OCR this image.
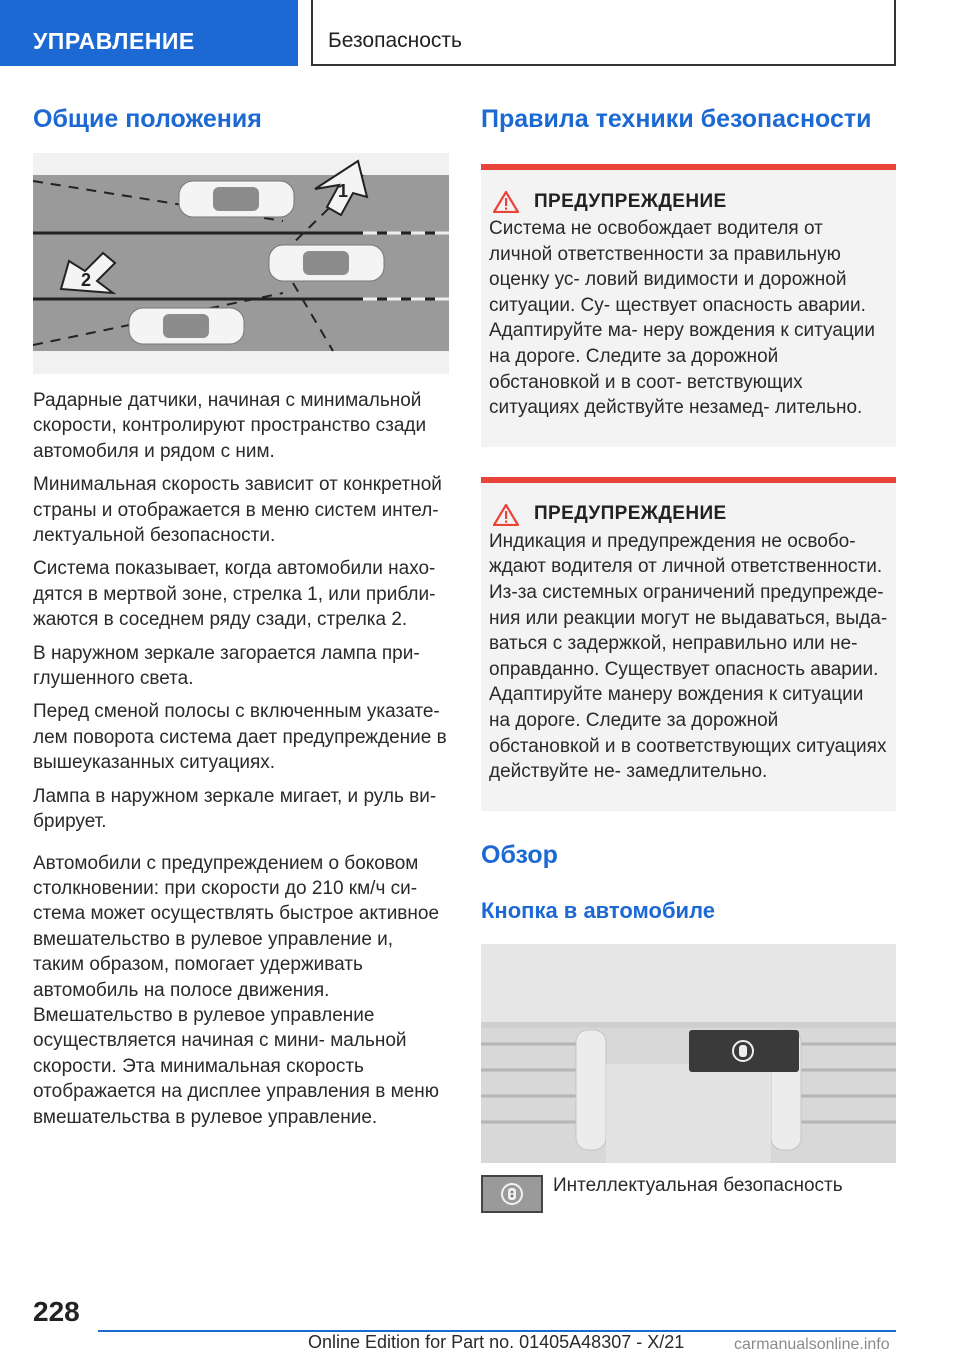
УПРАВЛЕНИЕ	Безопасность
Общие положения
1
2

Радарные датчики, начиная с минимальной скорости, контролируют пространство сзади автомобиля и рядом с ним.

Минимальная скорость зависит от конкретной страны и отображается в меню систем интел- лектуальной безопасности.

Система показывает, когда автомобили нахо- дятся в мертвой зоне, стрелка 1, или прибли- жаются в соседнем ряду сзади, стрелка 2.

В наружном зеркале загорается лампа при- глушенного света.

Перед сменой полосы с включенным указате- лем поворота система дает предупреждение в вышеуказанных ситуациях.

Лампа в наружном зеркале мигает, и руль ви- брирует.

Автомобили с предупреждением о боковом столкновении: при скорости до 210 км/ч си- стема может осуществлять быстрое активное вмешательство в рулевое управление и, таким образом, помогает удерживать автомобиль на полосе движения. Вмешательство в рулевое управление осуществляется начиная с мини- мальной скорости. Эта минимальная скорость отображается на дисплее управления в меню вмешательства в рулевое управление.

Правила техники безопасности
ПРЕДУПРЕЖДЕНИЕ

Система не освобождает водителя от личной ответственности за правильную оценку ус- ловий видимости и дорожной ситуации. Су- ществует опасность аварии. Адаптируйте ма- неру вождения к ситуации на дороге. Следите за дорожной обстановкой и в соот- ветствующих ситуациях действуйте незамед- лительно.

ПРЕДУПРЕЖДЕНИЕ

Индикация и предупреждения не освобо- ждают водителя от личной ответственности. Из-за системных ограничений предупрежде- ния или реакции могут не выдаваться, выда- ваться с задержкой, неправильно или не- оправданно. Существует опасность аварии. Адаптируйте манеру вождения к ситуации на дороге. Следите за дорожной обстановкой и в соответствующих ситуациях действуйте не- замедлительно.

Обзор
Кнопка в автомобиле
Интеллектуальная безопасность
228
Online Edition for Part no. 01405A48307 - X/21	carmanualsonline.info
